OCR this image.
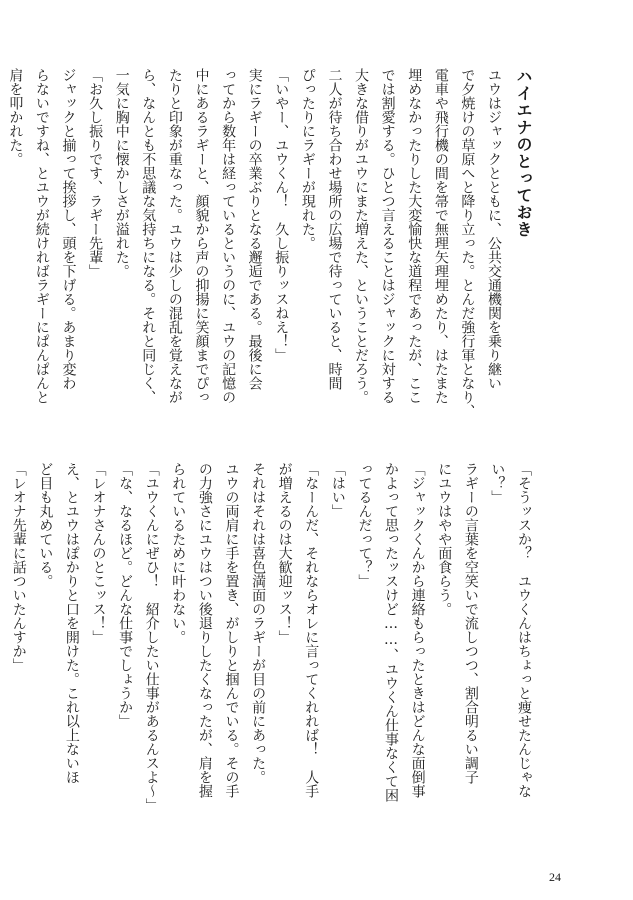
ハイエナのとっておき
ユウはジャックとともに、公共交通機関を乗り継い
で夕焼けの草原へと降り立った。とんだ強行軍となり、
電車や飛行機の間を箒で無理矢理埋めたり、はたまた
埋めなかったりした大変愉快な道程であったが、ここ
では割愛する。ひとつ言えることはジャックに対する
大きな借りがユウにまた増えた、ということだろう。
二人が待ち合わせ場所の広場で待っていると、時間
ぴったりにラギーが現れた。
「いやー、ユウくん！　久し振りッスねえ！」
実にラギーの卒業ぶりとなる邂逅である。最後に会
ってから数年は経っているというのに、ユウの記憶の
中にあるラギーと、顔貌から声の抑揚に笑顔までぴっ
たりと印象が重なった。ユウは少しの混乱を覚えなが
ら、なんとも不思議な気持ちになる。それと同じく、
一気に胸中に懐かしさが溢れた。
「お久し振りです、ラギー先輩」
ジャックと揃って挨拶し、頭を下げる。あまり変わ
らないですね、とユウが続ければラギーにぱんぱんと
肩を叩かれた。
「そうッスか？　ユウくんはちょっと痩せたんじゃな
い？」
ラギーの言葉を空笑いで流しつつ、割合明るい調子
にユウはやや面食らう。
「ジャックくんから連絡もらったときはどんな面倒事
かよって思ったッスけど……、ユウくん仕事なくて困
ってるんだって？」
「はい」
「なーんだ、それならオレに言ってくれれば！　人手
が増えるのは大歓迎ッス！」
それはそれは喜色満面のラギーが目の前にあった。
ユウの両肩に手を置き、がしりと掴んでいる。その手
の力強さにユウはつい後退りしたくなったが、肩を握
られているために叶わない。
「ユウくんにぜひ！　紹介したい仕事があるんスよ〜」
「な、なるほど。どんな仕事でしょうか」
「レオナさんのとこッス！」
え、とユウはぽかりと口を開けた。これ以上ないほ
ど目も丸めている。
「レオナ先輩に話ついたんすか」
24
